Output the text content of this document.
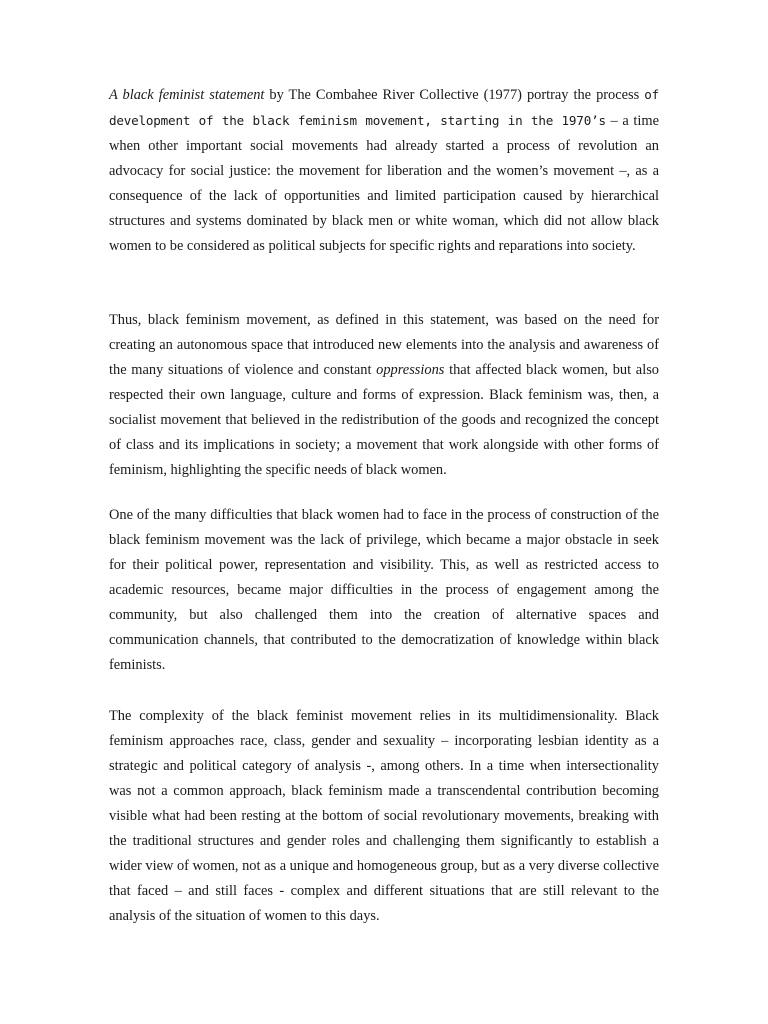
A black feminist statement by The Combahee River Collective (1977) portray the process of development of the black feminism movement, starting in the 1970’s – a time when other important social movements had already started a process of revolution an advocacy for social justice: the movement for liberation and the women’s movement –, as a consequence of the lack of opportunities and limited participation caused by hierarchical structures and systems dominated by black men or white woman, which did not allow black women to be considered as political subjects for specific rights and reparations into society.

Thus, black feminism movement, as defined in this statement, was based on the need for creating an autonomous space that introduced new elements into the analysis and awareness of the many situations of violence and constant oppressions that affected black women, but also respected their own language, culture and forms of expression. Black feminism was, then, a socialist movement that believed in the redistribution of the goods and recognized the concept of class and its implications in society; a movement that work alongside with other forms of feminism, highlighting the specific needs of black women.

One of the many difficulties that black women had to face in the process of construction of the black feminism movement was the lack of privilege, which became a major obstacle in seek for their political power, representation and visibility. This, as well as restricted access to academic resources, became major difficulties in the process of engagement among the community, but also challenged them into the creation of alternative spaces and communication channels, that contributed to the democratization of knowledge within black feminists.

The complexity of the black feminist movement relies in its multidimensionality. Black feminism approaches race, class, gender and sexuality – incorporating lesbian identity as a strategic and political category of analysis -, among others. In a time when intersectionality was not a common approach, black feminism made a transcendental contribution becoming visible what had been resting at the bottom of social revolutionary movements, breaking with the traditional structures and gender roles and challenging them significantly to establish a wider view of women, not as a unique and homogeneous group, but as a very diverse collective that faced – and still faces - complex and different situations that are still relevant to the analysis of the situation of women to this days.
